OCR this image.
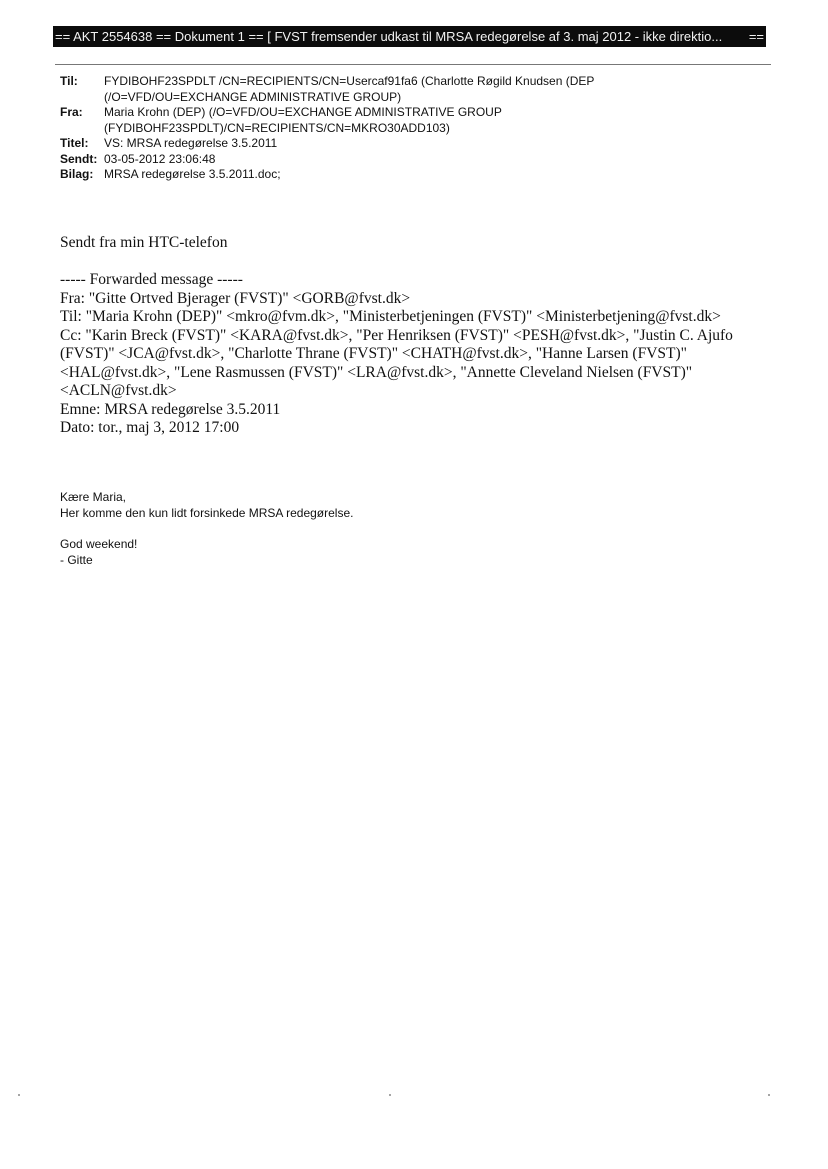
== AKT 2554638 == Dokument 1 == [ FVST fremsender udkast til MRSA redegørelse af 3. maj 2012 - ikke direktio...	==
Til:	FYDIBOHF23SPDLT /CN=RECIPIENTS/CN=Usercaf91fa6 (Charlotte Røgild Knudsen (DEP
(/O=VFD/OU=EXCHANGE ADMINISTRATIVE GROUP)
Fra:	Maria Krohn (DEP) (/O=VFD/OU=EXCHANGE ADMINISTRATIVE GROUP
(FYDIBOHF23SPDLT)/CN=RECIPIENTS/CN=MKRO30ADD103)
Titel:	VS: MRSA redegørelse 3.5.2011
Sendt: 03-05-2012 23:06:48
Bilag: MRSA redegørelse 3.5.2011.doc;
Sendt fra min HTC-telefon
----- Forwarded message -----
Fra: "Gitte Ortved Bjerager (FVST)" <GORB@fvst.dk>
Til: "Maria Krohn (DEP)" <mkro@fvm.dk>, "Ministerbetjeningen (FVST)" <Ministerbetjening@fvst.dk>
Cc: "Karin Breck (FVST)" <KARA@fvst.dk>, "Per Henriksen (FVST)" <PESH@fvst.dk>, "Justin C. Ajufo
(FVST)" <JCA@fvst.dk>, "Charlotte Thrane (FVST)" <CHATH@fvst.dk>, "Hanne Larsen (FVST)"
<HAL@fvst.dk>, "Lene Rasmussen (FVST)" <LRA@fvst.dk>, "Annette Cleveland Nielsen (FVST)"
<ACLN@fvst.dk>
Emne: MRSA redegørelse 3.5.2011
Dato: tor., maj 3, 2012 17:00
Kære Maria,
Her komme den kun lidt forsinkede MRSA redegørelse.
God weekend!
- Gitte
